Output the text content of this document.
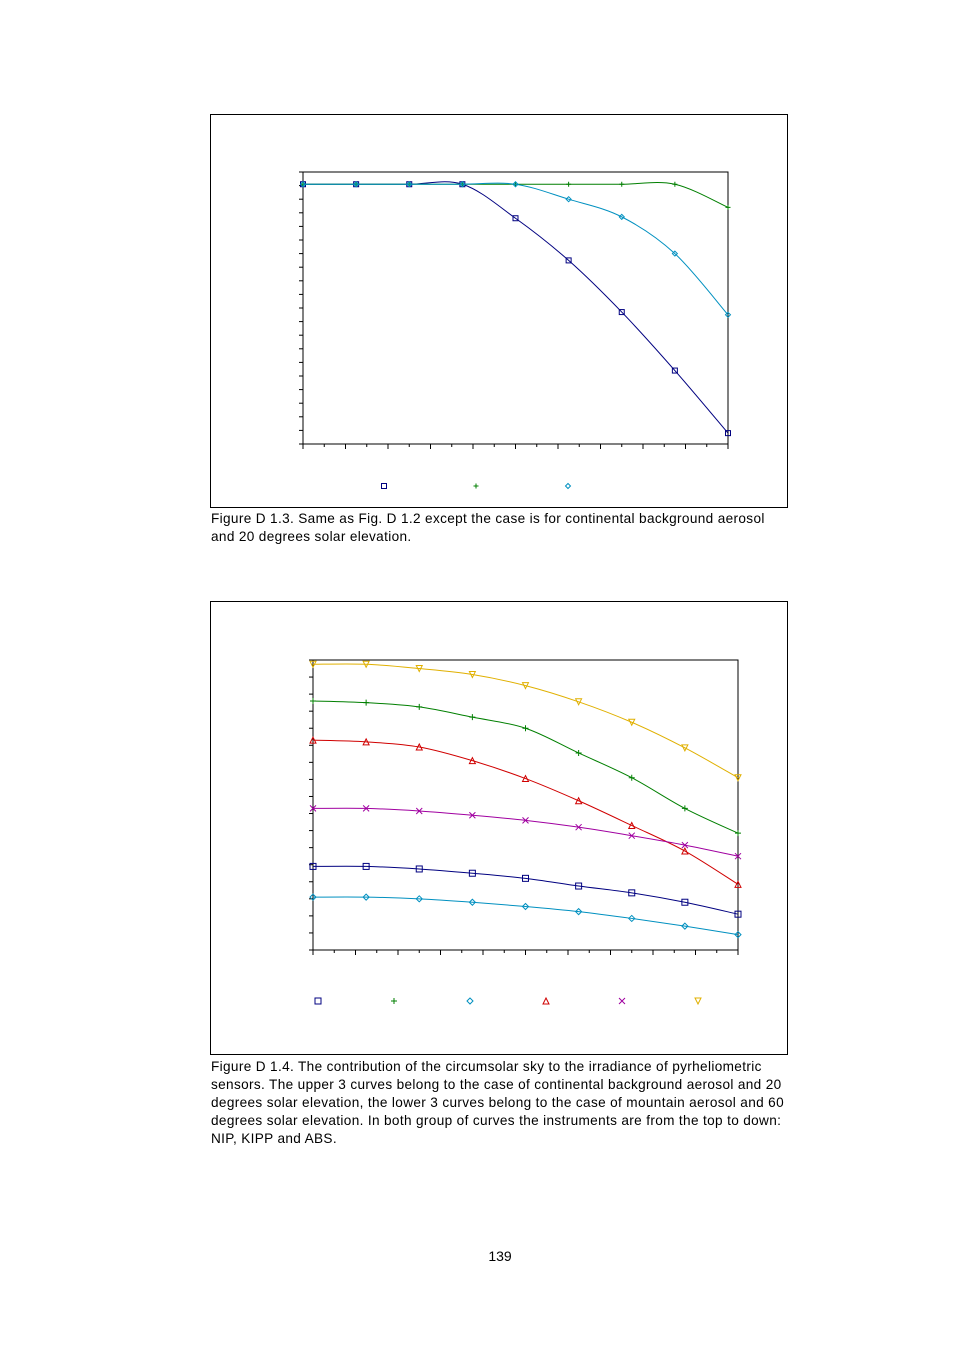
Figure D 1.3. Same as Fig. D 1.2 except the case is for continental background aerosol and 20 degrees solar elevation.
Figure D 1.4. The contribution of the circumsolar sky to the irradiance of pyrheliometric sensors. The upper 3 curves belong to the case of continental background aerosol and 20 degrees solar elevation, the lower 3 curves belong to the case of mountain aerosol and 60 degrees solar elevation. In both group of curves the instruments are from the top to down: NIP, KIPP and ABS.
139
